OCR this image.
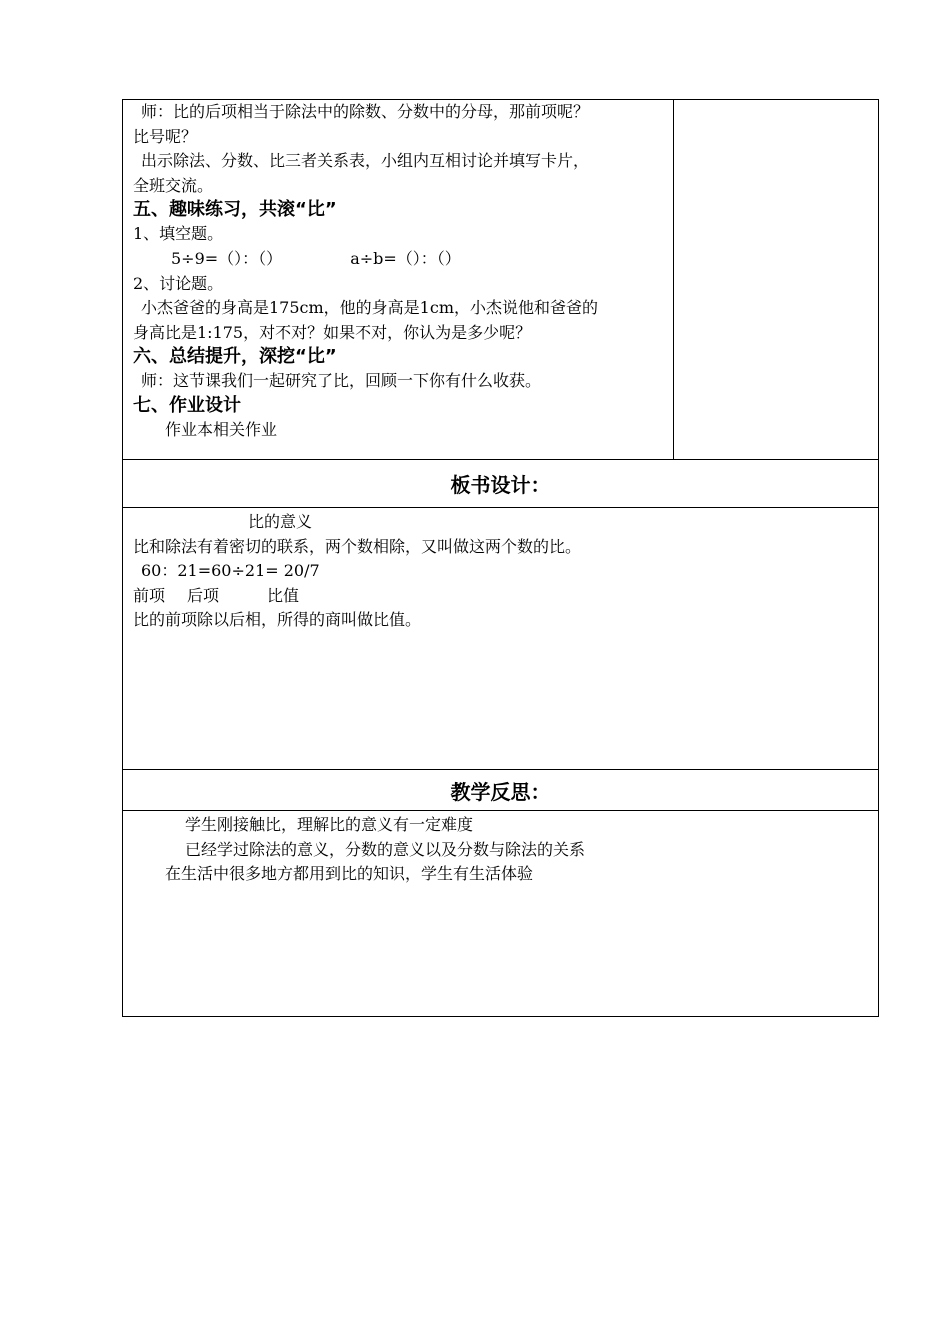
师：比的后项相当于除法中的除数、分数中的分母，那前项呢？
比号呢？
出示除法、分数、比三者关系表，小组内互相讨论并填写卡片，
全班交流。
五、趣味练习，共滚“比”
1、填空题。
5÷9=（）：（）	a÷b=（）：（）
2、讨论题。
小杰爸爸的身高是175cm，他的身高是1cm，小杰说他和爸爸的
身高比是1:175，对不对？如果不对，你认为是多少呢？
六、总结提升，深挖“比”
师：这节课我们一起研究了比，回顾一下你有什么收获。
七、作业设计
作业本相关作业
板书设计：
比的意义
比和除法有着密切的联系，两个数相除，又叫做这两个数的比。
60：21=60÷21= 20/7
前项 后项	比值
比的前项除以后相，所得的商叫做比值。
教学反思：
学生刚接触比，理解比的意义有一定难度
已经学过除法的意义，分数的意义以及分数与除法的关系
在生活中很多地方都用到比的知识，学生有生活体验
